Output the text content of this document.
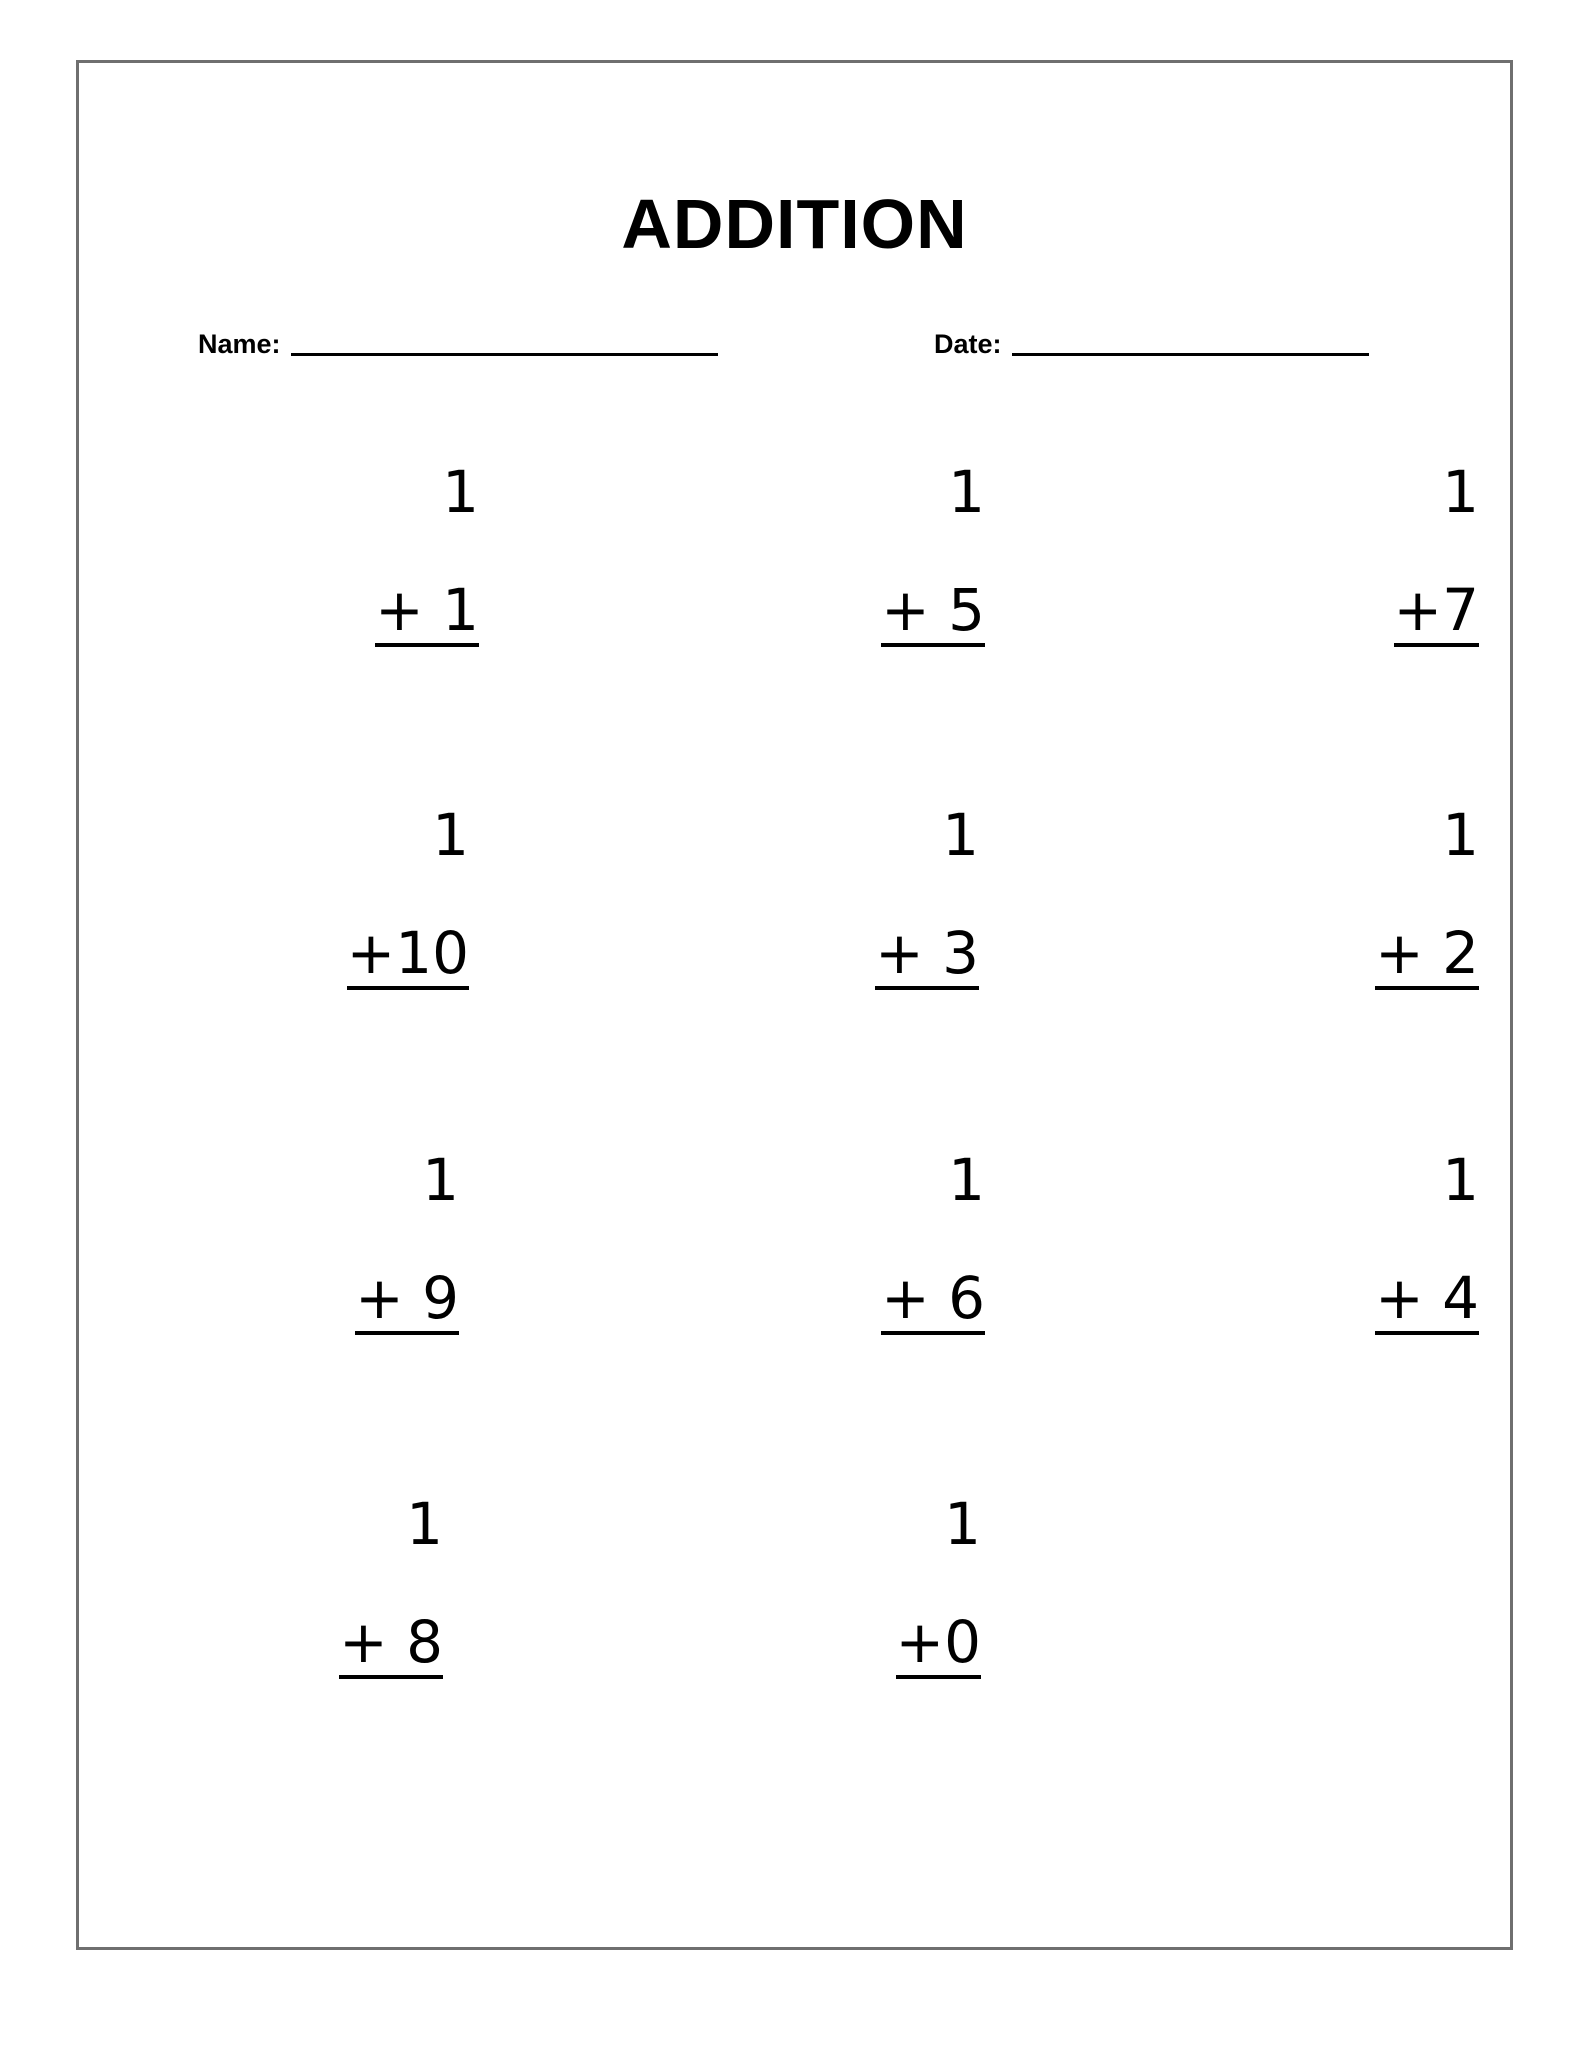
ADDITION
Name:	Date:
1
+ 1
1
+ 5
1
+7
1
+10
1
+ 3
1
+ 2
1
+ 9
1
+ 6
1
+ 4
1
+ 8
1
+0
